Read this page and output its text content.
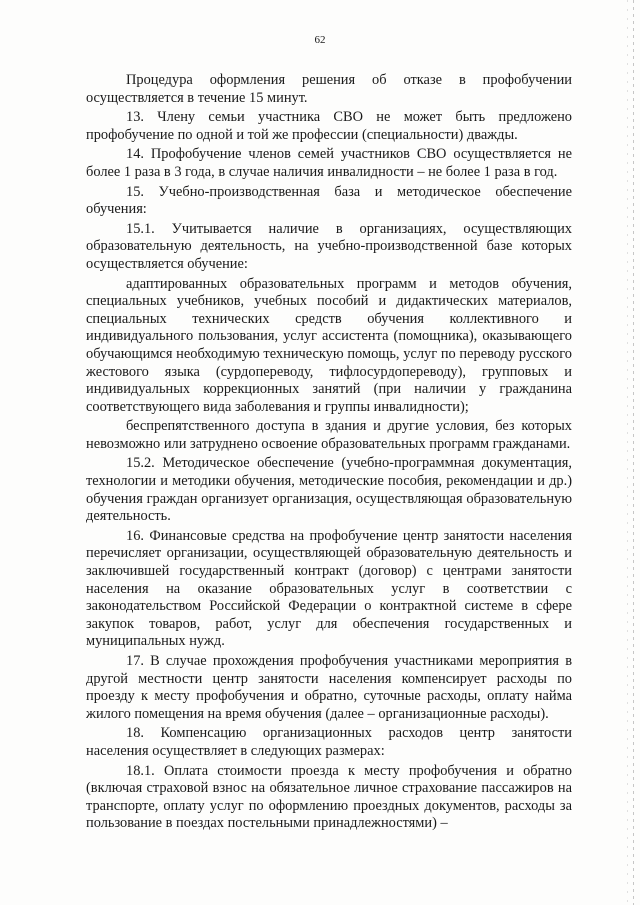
62

Процедура оформления решения об отказе в профобучении осуществляется в течение 15 минут.

13. Члену семьи участника СВО не может быть предложено профобучение по одной и той же профессии (специальности) дважды.

14. Профобучение членов семей участников СВО осуществляется не более 1 раза в 3 года, в случае наличия инвалидности – не более 1 раза в год.

15. Учебно-производственная база и методическое обеспечение обучения:

15.1. Учитывается наличие в организациях, осуществляющих образовательную деятельность, на учебно-производственной базе которых осуществляется обучение:

адаптированных образовательных программ и методов обучения, специальных учебников, учебных пособий и дидактических материалов, специальных технических средств обучения коллективного и индивидуального пользования, услуг ассистента (помощника), оказывающего обучающимся необходимую техническую помощь, услуг по переводу русского жестового языка (сурдопереводу, тифлосурдопереводу), групповых и индивидуальных коррекционных занятий (при наличии у гражданина соответствующего вида заболевания и группы инвалидности);

беспрепятственного доступа в здания и другие условия, без которых невозможно или затруднено освоение образовательных программ гражданами.

15.2. Методическое обеспечение (учебно-программная документация, технологии и методики обучения, методические пособия, рекомендации и др.) обучения граждан организует организация, осуществляющая образовательную деятельность.

16. Финансовые средства на профобучение центр занятости населения перечисляет организации, осуществляющей образовательную деятельность и заключившей государственный контракт (договор) с центрами занятости населения на оказание образовательных услуг в соответствии с законодательством Российской Федерации о контрактной системе в сфере закупок товаров, работ, услуг для обеспечения государственных и муниципальных нужд.

17. В случае прохождения профобучения участниками мероприятия в другой местности центр занятости населения компенсирует расходы по проезду к месту профобучения и обратно, суточные расходы, оплату найма жилого помещения на время обучения (далее – организационные расходы).

18. Компенсацию организационных расходов центр занятости населения осуществляет в следующих размерах:

18.1. Оплата стоимости проезда к месту профобучения и обратно (включая страховой взнос на обязательное личное страхование пассажиров на транспорте, оплату услуг по оформлению проездных документов, расходы за пользование в поездах постельными принадлежностями) –
